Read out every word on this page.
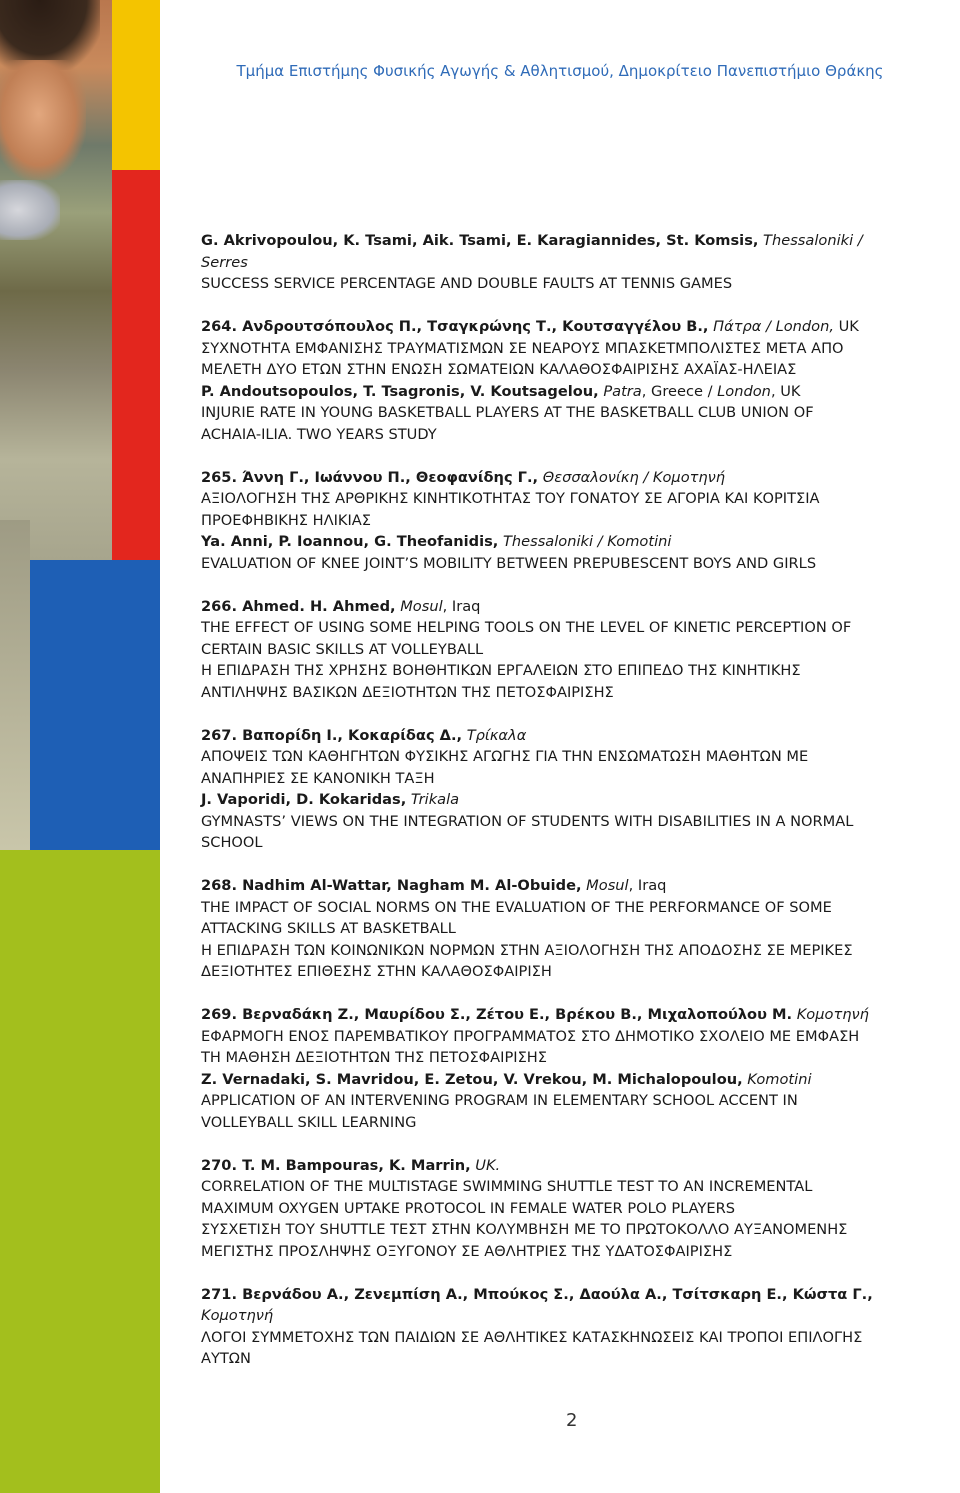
Τμήμα Επιστήμης Φυσικής Αγωγής & Αθλητισμού, Δημοκρίτειο Πανεπιστήμιο Θράκης
G. Akrivopoulou, K. Tsami, Aik. Tsami, E. Karagiannides, St. Komsis, Thessaloniki /
Serres
SUCCESS SERVICE PERCENTAGE AND DOUBLE FAULTS AT TENNIS GAMES
264. Ανδρουτσόπουλος Π., Τσαγκρώνης Τ., Κουτσαγγέλου Β., Πάτρα / London, UK
ΣΥΧΝΟΤΗΤΑ ΕΜΦΑΝΙΣΗΣ ΤΡΑΥΜΑΤΙΣΜΩΝ ΣΕ ΝΕΑΡΟΥΣ ΜΠΑΣΚΕΤΜΠΟΛΙΣΤΕΣ ΜΕΤΑ ΑΠΟ
ΜΕΛΕΤΗ ΔΥΟ ΕΤΩΝ ΣΤΗΝ ΕΝΩΣΗ ΣΩΜΑΤΕΙΩΝ ΚΑΛΑΘΟΣΦΑΙΡΙΣΗΣ ΑΧΑΪΑΣ-ΗΛΕΙΑΣ
P. Andoutsopoulos, T. Tsagronis, V. Koutsagelou, Patra, Greece / London, UK
INJURIE RATE IN YOUNG BASKETBALL PLAYERS AT THE BASKETBALL CLUB UNION OF
ACHAIA-ILIA. TWO YEARS STUDY
265. Άννη Γ., Ιωάννου Π., Θεοφανίδης Γ., Θεσσαλονίκη / Κομοτηνή
ΑΞΙΟΛΟΓΗΣΗ ΤΗΣ ΑΡΘΡΙΚΗΣ ΚΙΝΗΤΙΚΟΤΗΤΑΣ ΤΟΥ ΓΟΝΑΤΟΥ ΣΕ ΑΓΟΡΙΑ ΚΑΙ ΚΟΡΙΤΣΙΑ
ΠΡΟΕΦΗΒΙΚΗΣ ΗΛΙΚΙΑΣ
Ya. Anni, P. Ioannou, G. Theofanidis, Thessaloniki / Komotini
EVALUATION OF KNEE JOINT’S MOBILITY BETWEEN PREPUBESCENT BOYS AND GIRLS
266. Ahmed. H. Ahmed, Mosul, Iraq
THE EFFECT OF USING SOME HELPING TOOLS ON THE LEVEL OF KINETIC PERCEPTION OF
CERTAIN BASIC SKILLS AT VOLLEYBALL
Η ΕΠΙΔΡΑΣΗ ΤΗΣ ΧΡΗΣΗΣ ΒΟΗΘΗΤΙΚΩΝ ΕΡΓΑΛΕΙΩΝ ΣΤΟ ΕΠΙΠΕΔΟ ΤΗΣ ΚΙΝΗΤΙΚΗΣ
ΑΝΤΙΛΗΨΗΣ ΒΑΣΙΚΩΝ ΔΕΞΙΟΤΗΤΩΝ ΤΗΣ ΠΕΤΟΣΦΑΙΡΙΣΗΣ
267. Βαπορίδη Ι., Κοκαρίδας Δ., Τρίκαλα
ΑΠΟΨΕΙΣ ΤΩΝ ΚΑΘΗΓΗΤΩΝ ΦΥΣΙΚΗΣ ΑΓΩΓΗΣ ΓΙΑ ΤΗΝ ΕΝΣΩΜΑΤΩΣΗ ΜΑΘΗΤΩΝ ΜΕ
ΑΝΑΠΗΡΙΕΣ ΣΕ ΚΑΝΟΝΙΚΗ ΤΑΞΗ
J. Vaporidi, D. Kokaridas, Trikala
GYMNASTS’ VIEWS ON THE INTEGRATION OF STUDENTS WITH DISABILITIES IN A NORMAL
SCHOOL
268. Nadhim Al-Wattar, Nagham M. Al-Obuide, Mosul, Iraq
THE IMPACT OF SOCIAL NORMS ON THE EVALUATION OF THE PERFORMANCE OF SOME
ATTACKING SKILLS AT BASKETBALL
Η ΕΠΙΔΡΑΣΗ ΤΩΝ ΚΟΙΝΩΝΙΚΩΝ ΝΟΡΜΩΝ ΣΤΗΝ ΑΞΙΟΛΟΓΗΣΗ ΤΗΣ ΑΠΟΔΟΣΗΣ ΣΕ ΜΕΡΙΚΕΣ
ΔΕΞΙΟΤΗΤΕΣ ΕΠΙΘΕΣΗΣ ΣΤΗΝ ΚΑΛΑΘΟΣΦΑΙΡΙΣΗ
269. Βερναδάκη Ζ., Μαυρίδου Σ., Ζέτου Ε., Βρέκου Β., Μιχαλοπούλου Μ. Κομοτηνή
ΕΦΑΡΜΟΓΗ ΕΝΟΣ ΠΑΡΕΜΒΑΤΙΚΟΥ ΠΡΟΓΡΑΜΜΑΤΟΣ ΣΤΟ ΔΗΜΟΤΙΚΟ ΣΧΟΛΕΙΟ ΜΕ ΕΜΦΑΣΗ
ΤΗ ΜΑΘΗΣΗ ΔΕΞΙΟΤΗΤΩΝ ΤΗΣ ΠΕΤΟΣΦΑΙΡΙΣΗΣ
Z. Vernadaki, S. Mavridou, E. Zetou, V. Vrekou, M. Michalopoulou, Komotini
APPLICATION OF AN INTERVENING PROGRAM IN ELEMENTARY SCHOOL ACCENT IN
VOLLEYBALL SKILL LEARNING
270. T. M. Bampouras, K. Marrin, UK.
CORRELATION OF THE MULTISTAGE SWIMMING SHUTTLE TEST TO AN INCREMENTAL
MAXIMUM OXYGEN UPTAKE PROTOCOL IN FEMALE WATER POLO PLAYERS
ΣΥΣΧΕΤΙΣΗ ΤΟΥ SHUTTLE ΤΕΣΤ ΣΤΗΝ ΚΟΛΥΜΒΗΣΗ ΜΕ ΤΟ ΠΡΩΤΟΚΟΛΛΟ ΑΥΞΑΝΟΜΕΝΗΣ
ΜΕΓΙΣΤΗΣ ΠΡΟΣΛΗΨΗΣ ΟΞΥΓΟΝΟΥ ΣΕ ΑΘΛΗΤΡΙΕΣ ΤΗΣ ΥΔΑΤΟΣΦΑΙΡΙΣΗΣ
271. Βερνάδου Α., Ζενεμπίση Α., Μπούκος Σ., Δαούλα Α., Τσίτσκαρη Ε., Κώστα Γ.,
Κομοτηνή
ΛΟΓΟΙ ΣΥΜΜΕΤΟΧΗΣ ΤΩΝ ΠΑΙΔΙΩΝ ΣΕ ΑΘΛΗΤΙΚΕΣ ΚΑΤΑΣΚΗΝΩΣΕΙΣ ΚΑΙ ΤΡΟΠΟΙ ΕΠΙΛΟΓΗΣ
ΑΥΤΩΝ
2
